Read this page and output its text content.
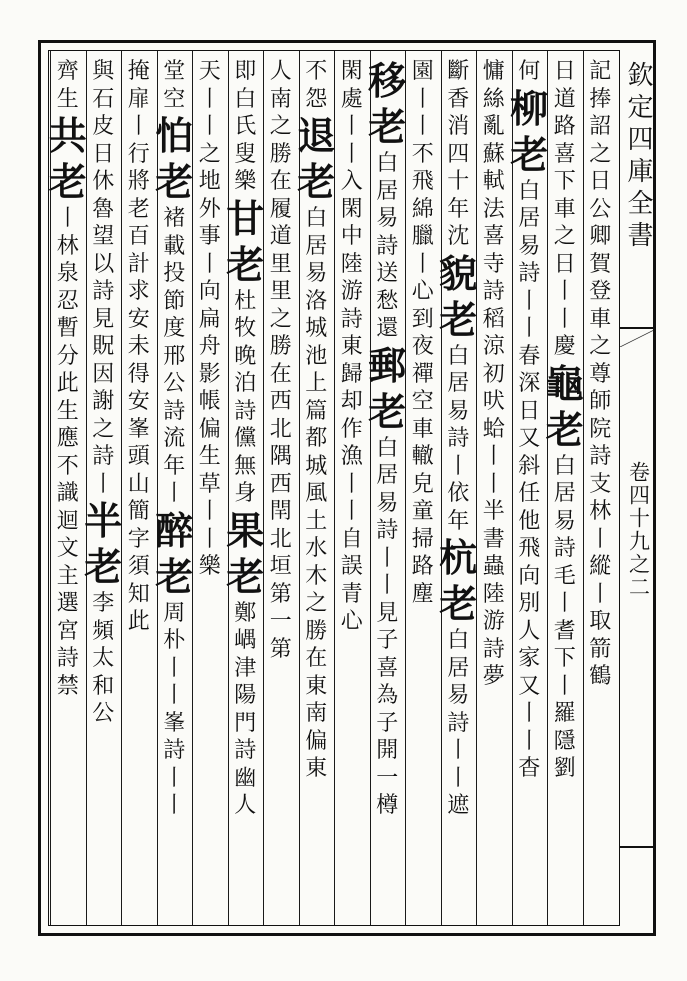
欽定四庫全書
卷四十九之二
記
捧
詔
之
日
公
卿
賀
登
車
之
尊
師
院
詩
支
林
丨
縱
丨
取
箭
鶴
日
道
路
喜
下
車
之
日
丨
丨
慶
龜
老
白
居
易
詩
毛
丨
耆
下
丨
羅
隱
劉
何
柳
老
白
居
易
詩
丨
丨
春
深
日
又
斜
任
他
飛
向
別
人
家
又
丨
丨
杳
慵
絲
亂
蘇
軾
法
喜
寺
詩
稻
涼
初
吠
蛤
丨
丨
半
書
蟲
陸
游
詩
夢
斷
香
消
四
十
年
沈
貌
老
白
居
易
詩
丨
依
年
杭
老
白
居
易
詩
丨
丨
遮
園
丨
丨
不
飛
綿
臘
丨
心
到
夜
禪
空
車
轍
皃
童
掃
路
塵
移
老
白
居
易
詩
送
愁
還
郵
老
白
居
易
詩
丨
丨
見
子
喜
為
子
開
一
樽
閑
處
丨
丨
入
閑
中
陸
游
詩
東
歸
却
作
漁
丨
丨
自
誤
青
心
不
怨
退
老
白
居
易
洛
城
池
上
篇
都
城
風
土
水
木
之
勝
在
東
南
偏
東
人
南
之
勝
在
履
道
里
里
之
勝
在
西
北
隅
西
閈
北
垣
第
一
第
即
白
氏
叟
樂
甘
老
杜
牧
晚
泊
詩
儻
無
身
果
老
鄭
嵎
津
陽
門
詩
幽
人
天
丨
丨
之
地
外
事
丨
向
扁
舟
影
帳
偏
生
草
丨
丨
樂
堂
空
怕
老
褚
載
投
節
度
邢
公
詩
流
年
丨
醉
老
周
朴
丨
丨
峯
詩
丨
丨
掩
扉
丨
行
將
老
百
計
求
安
未
得
安
峯
頭
山
簡
字
須
知
此
與
石
皮
日
休
魯
望
以
詩
見
貺
因
謝
之
詩
丨
半
老
李
頻
太
和
公
齊
生
共
老
丨
林
泉
忍
暫
分
此
生
應
不
識
迴
文
主
選
宮
詩
禁
